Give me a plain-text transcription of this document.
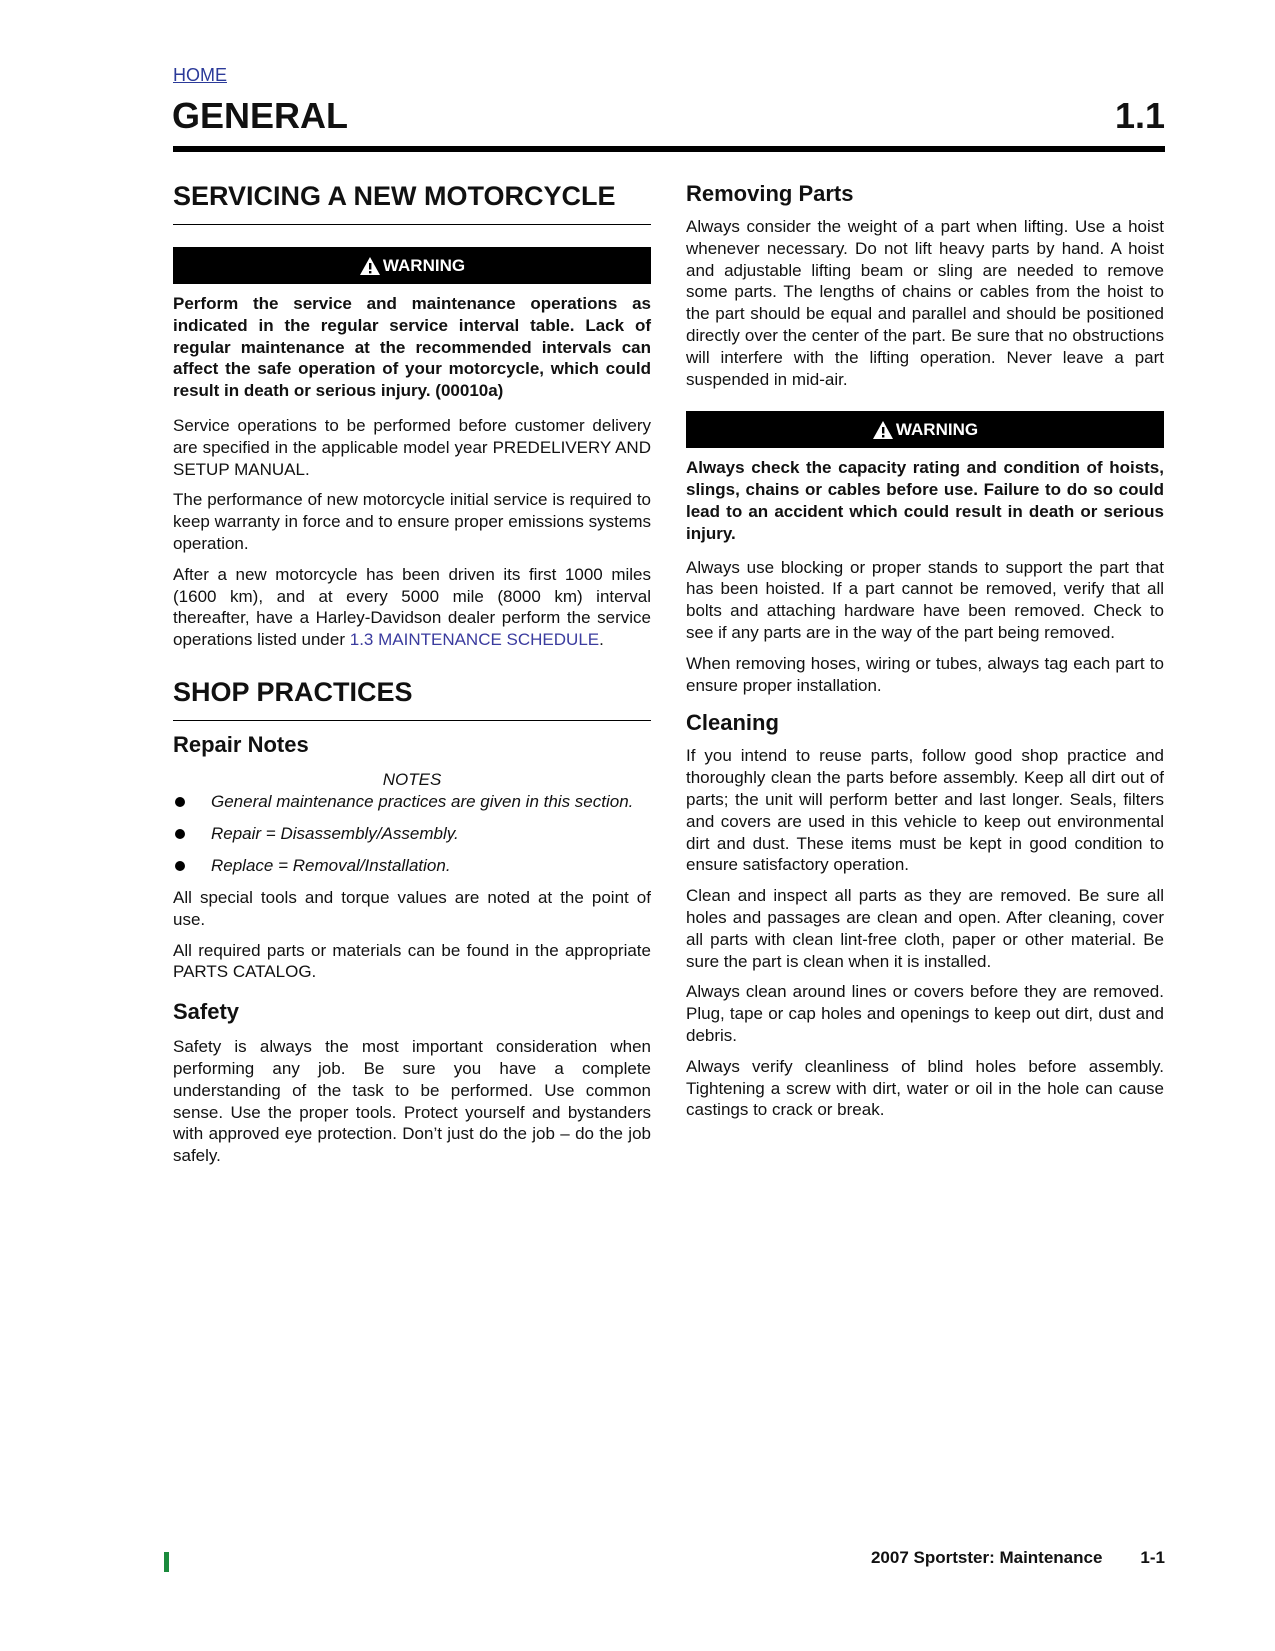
HOME
GENERAL	1.1
SERVICING A NEW MOTORCYCLE
WARNING

Perform the service and maintenance operations as indicated in the regular service interval table. Lack of regular maintenance at the recommended intervals can affect the safe operation of your motorcycle, which could result in death or serious injury. (00010a)

Service operations to be performed before customer delivery are specified in the applicable model year PREDELIVERY AND SETUP MANUAL.

The performance of new motorcycle initial service is required to keep warranty in force and to ensure proper emissions systems operation.

After a new motorcycle has been driven its first 1000 miles (1600 km), and at every 5000 mile (8000 km) interval thereafter, have a Harley-Davidson dealer perform the service operations listed under 1.3 MAINTENANCE SCHEDULE.

SHOP PRACTICES
Repair Notes
NOTES
General maintenance practices are given in this section.
Repair = Disassembly/Assembly.
Replace = Removal/Installation.

All special tools and torque values are noted at the point of use.

All required parts or materials can be found in the appropriate PARTS CATALOG.

Safety

Safety is always the most important consideration when performing any job. Be sure you have a complete understanding of the task to be performed. Use common sense. Use the proper tools. Protect yourself and bystanders with approved eye protection. Don’t just do the job – do the job safely.

Removing Parts

Always consider the weight of a part when lifting. Use a hoist whenever necessary. Do not lift heavy parts by hand. A hoist and adjustable lifting beam or sling are needed to remove some parts. The lengths of chains or cables from the hoist to the part should be equal and parallel and should be positioned directly over the center of the part. Be sure that no obstructions will interfere with the lifting operation. Never leave a part suspended in mid-air.

WARNING

Always check the capacity rating and condition of hoists, slings, chains or cables before use. Failure to do so could lead to an accident which could result in death or serious injury.

Always use blocking or proper stands to support the part that has been hoisted. If a part cannot be removed, verify that all bolts and attaching hardware have been removed. Check to see if any parts are in the way of the part being removed.

When removing hoses, wiring or tubes, always tag each part to ensure proper installation.

Cleaning

If you intend to reuse parts, follow good shop practice and thoroughly clean the parts before assembly. Keep all dirt out of parts; the unit will perform better and last longer. Seals, filters and covers are used in this vehicle to keep out environmental dirt and dust. These items must be kept in good condition to ensure satisfactory operation.

Clean and inspect all parts as they are removed. Be sure all holes and passages are clean and open. After cleaning, cover all parts with clean lint-free cloth, paper or other material. Be sure the part is clean when it is installed.

Always clean around lines or covers before they are removed. Plug, tape or cap holes and openings to keep out dirt, dust and debris.

Always verify cleanliness of blind holes before assembly. Tightening a screw with dirt, water or oil in the hole can cause castings to crack or break.

2007 Sportster: Maintenance 1-1
